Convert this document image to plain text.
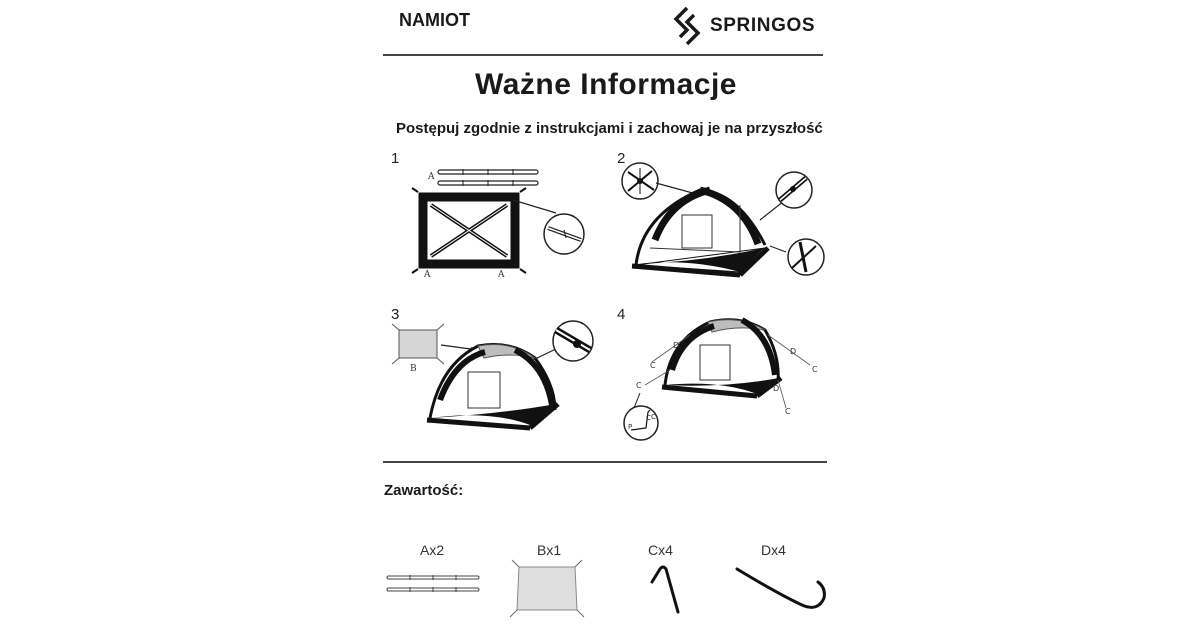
NAMIOT	SPRINGOS
Ważne Informacje
Postępuj zgodnie z instrukcjami i zachowaj je na przyszłość
1	2
3	4
A
A	A
B	C
D
C
D
C
D
C
C C
P
Zawartość:
Ax2	Bx1	Cx4	Dx4
